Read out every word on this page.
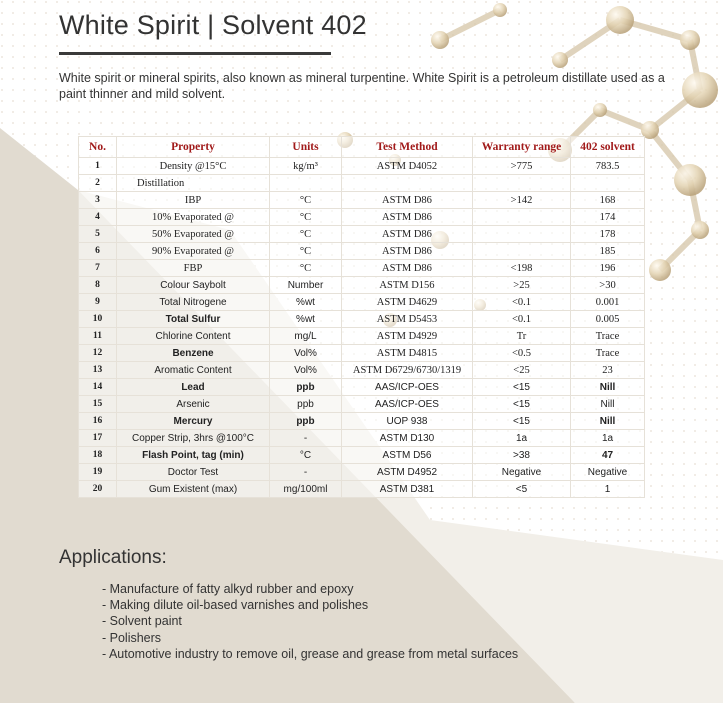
White Spirit | Solvent 402
White spirit or mineral spirits, also known as mineral turpentine. White Spirit is a petroleum distillate used as a paint thinner and mild solvent.
No.	Property	Units	Test Method	Warranty range	402 solvent
1	Density @15°C	kg/m³	ASTM D4052	>775	783.5
2	Distillation				
3	IBP	°C	ASTM D86	>142	168
4	10% Evaporated @	°C	ASTM D86		174
5	50% Evaporated @	°C	ASTM D86		178
6	90% Evaporated @	°C	ASTM D86		185
7	FBP	°C	ASTM D86	<198	196
8	Colour Saybolt	Number	ASTM D156	>25	>30
9	Total Nitrogene	%wt	ASTM D4629	<0.1	0.001
10	Total Sulfur	%wt	ASTM D5453	<0.1	0.005
11	Chlorine Content	mg/L	ASTM D4929	Tr	Trace
12	Benzene	Vol%	ASTM D4815	<0.5	Trace
13	Aromatic Content	Vol%	ASTM D6729/6730/1319	<25	23
14	Lead	ppb	AAS/ICP-OES	<15	Nill
15	Arsenic	ppb	AAS/ICP-OES	<15	Nill
16	Mercury	ppb	UOP 938	<15	Nill
17	Copper Strip, 3hrs @100°C	-	ASTM D130	1a	1a
18	Flash Point, tag (min)	°C	ASTM D56	>38	47
19	Doctor Test	-	ASTM D4952	Negative	Negative
20	Gum Existent (max)	mg/100ml	ASTM D381	<5	1
Applications:
- Manufacture of fatty alkyd rubber and epoxy
- Making dilute oil-based varnishes and polishes
- Solvent paint
- Polishers
- Automotive industry to remove oil, grease and grease from metal surfaces
